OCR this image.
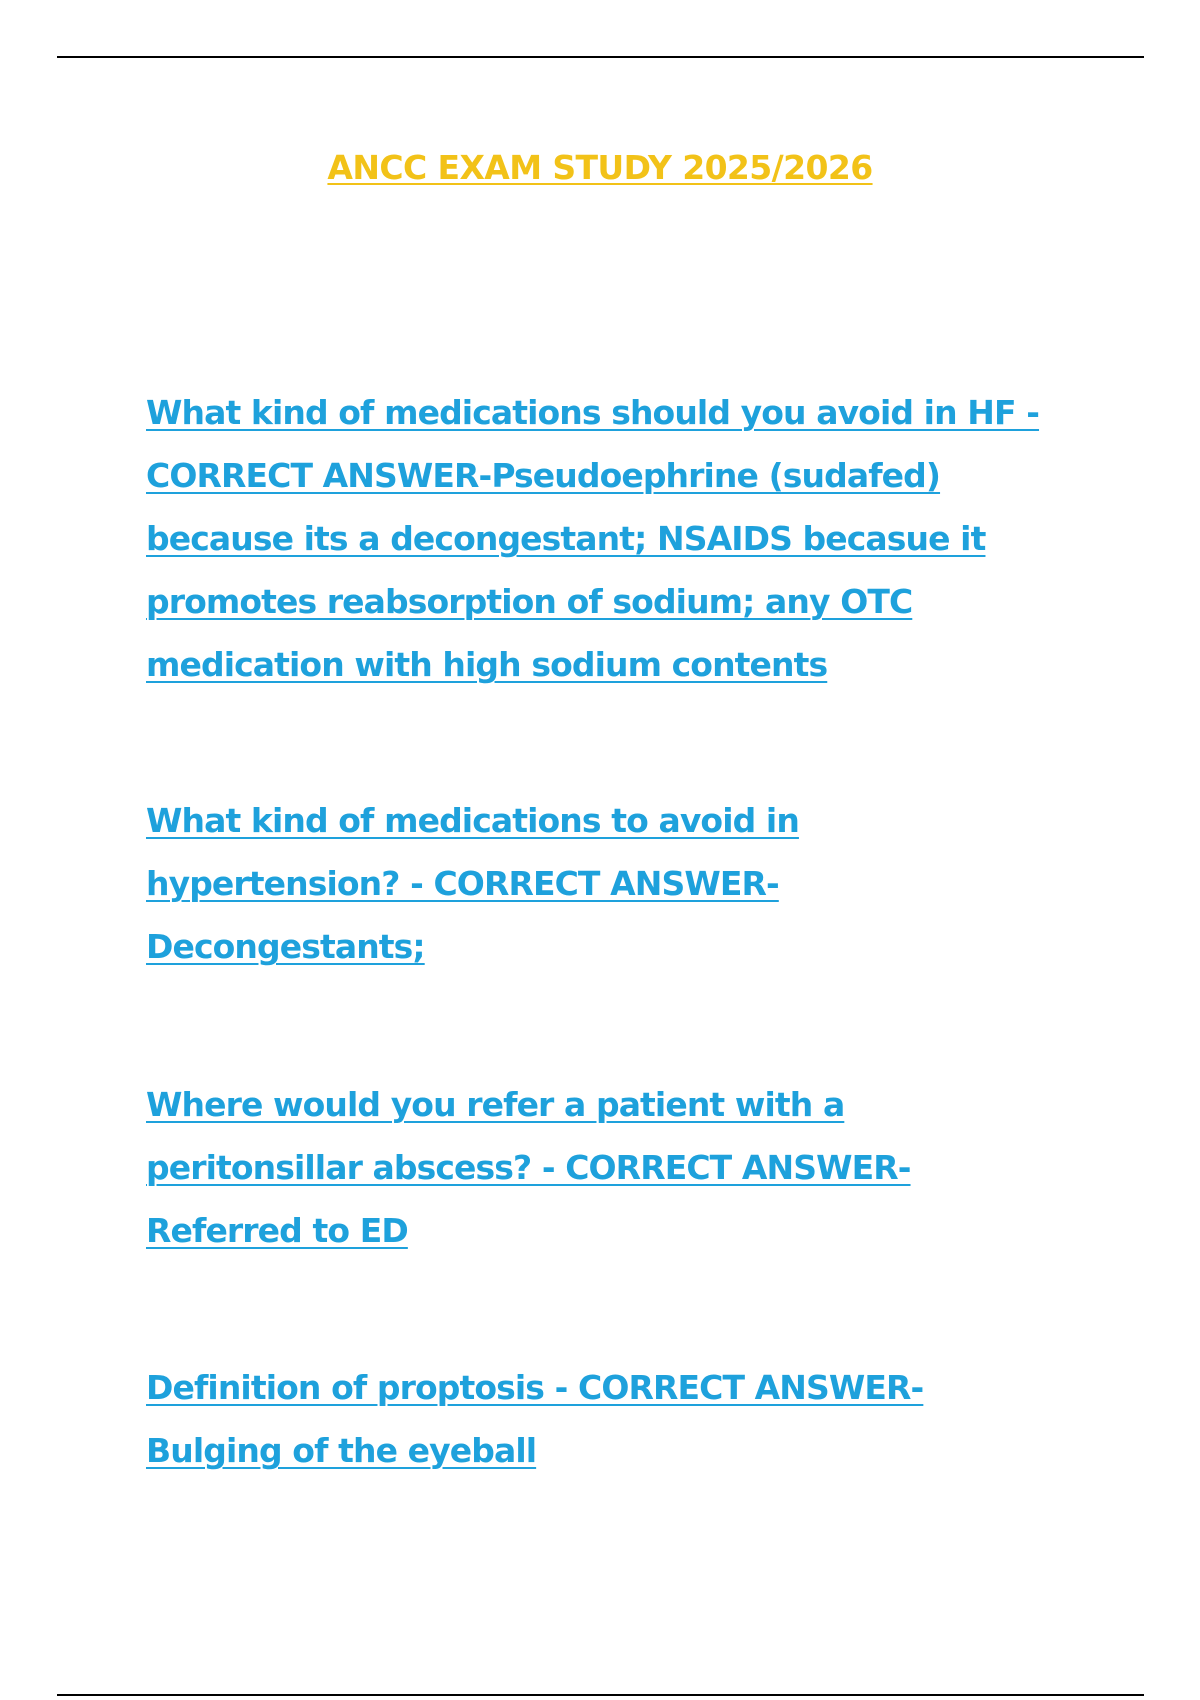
ANCC EXAM STUDY 2025/2026

What kind of medications should you avoid in HF - CORRECT ANSWER-Pseudoephrine (sudafed) because its a decongestant; NSAIDS becasue it promotes reabsorption of sodium; any OTC medication with high sodium contents

What kind of medications to avoid in hypertension? - CORRECT ANSWER-Decongestants;

Where would you refer a patient with a peritonsillar abscess? - CORRECT ANSWER-Referred to ED

Definition of proptosis - CORRECT ANSWER-Bulging of the eyeball
